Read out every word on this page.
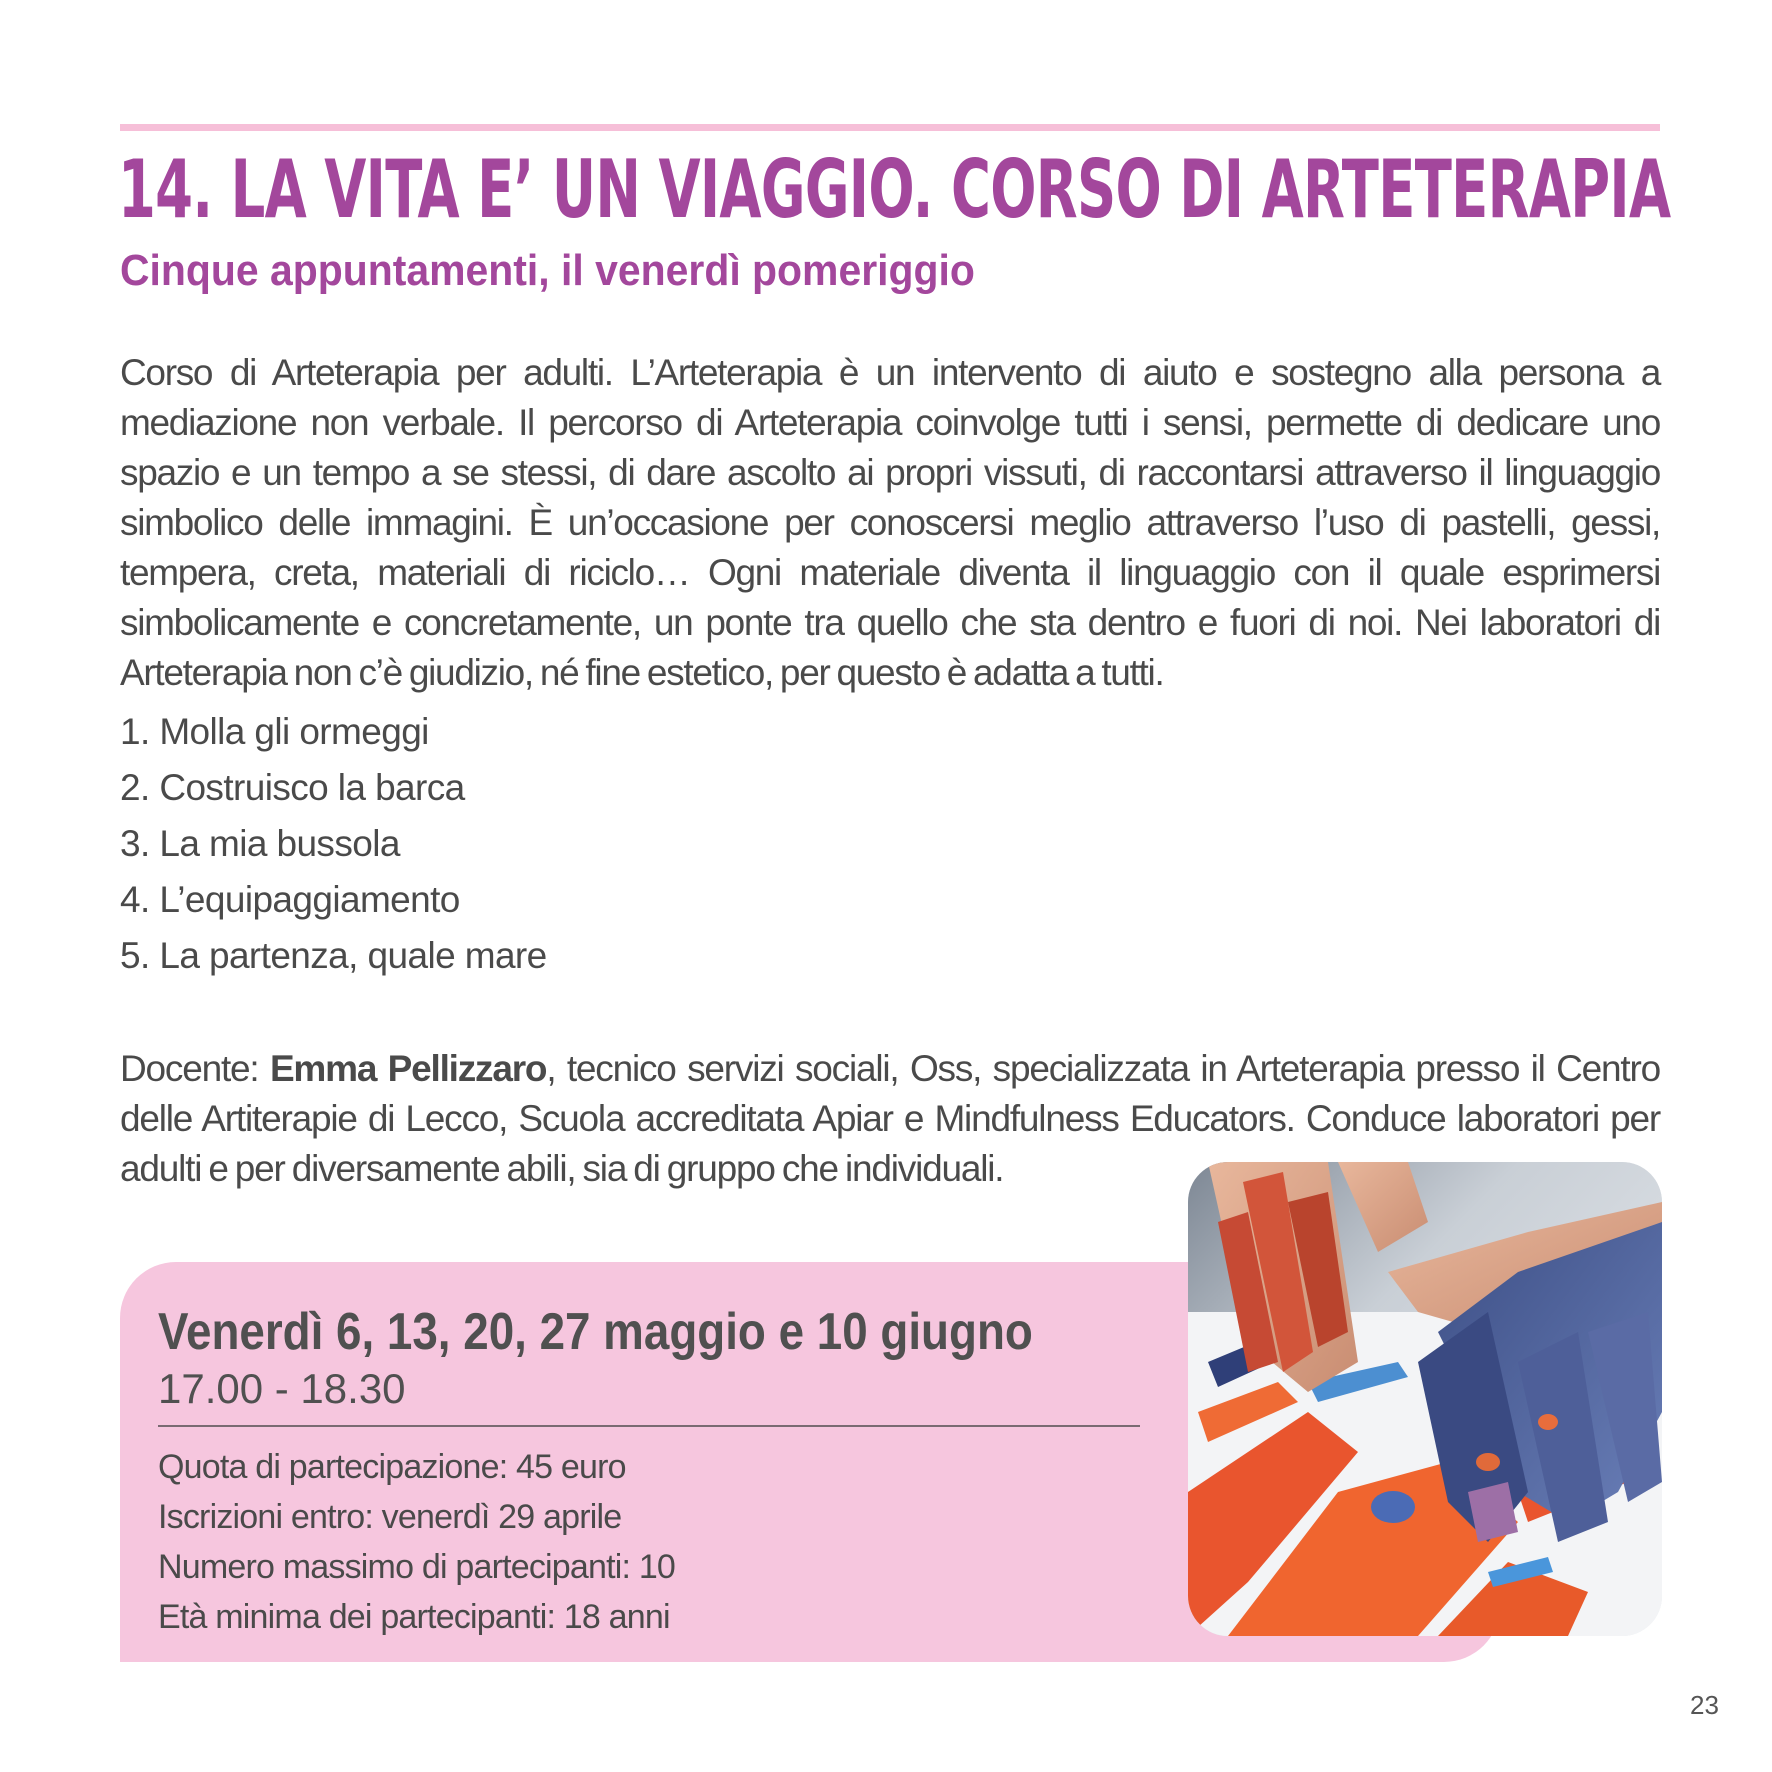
14. LA VITA E’ UN VIAGGIO. CORSO DI ARTETERAPIA
Cinque appuntamenti, il venerdì pomeriggio

Corso di Arteterapia per adulti. L’Arteterapia è un intervento di aiuto e sostegno alla persona a mediazione non verbale. Il percorso di Arteterapia coinvolge tutti i sensi, permette di dedicare uno spazio e un tempo a se stessi, di dare ascolto ai propri vissuti, di raccontarsi attraverso il linguaggio simbolico delle immagini. È un’occasione per conoscersi meglio attraverso l’uso di pastelli, gessi, tempera, creta, materiali di riciclo… Ogni materiale diventa il linguaggio con il quale esprimersi simbolicamente e concretamente, un ponte tra quello che sta dentro e fuori di noi. Nei laboratori di Arteterapia non c’è giudizio, né fine estetico, per questo è adatta a tutti.

1. Molla gli ormeggi
2. Costruisco la barca
3. La mia bussola
4. L’equipaggiamento
5. La partenza, quale mare

Docente: Emma Pellizzaro, tecnico servizi sociali, Oss, specializzata in Arteterapia presso il Centro delle Artiterapie di Lecco, Scuola accreditata Apiar e Mindfulness Educators. Conduce laboratori per adulti e per diversamente abili, sia di gruppo che individuali.

Venerdì 6, 13, 20, 27 maggio e 10 giugno

17.00 - 18.30

Quota di partecipazione: 45 euro
Iscrizioni entro: venerdì 29 aprile
Numero massimo di partecipanti: 10
Età minima dei partecipanti: 18 anni
23
